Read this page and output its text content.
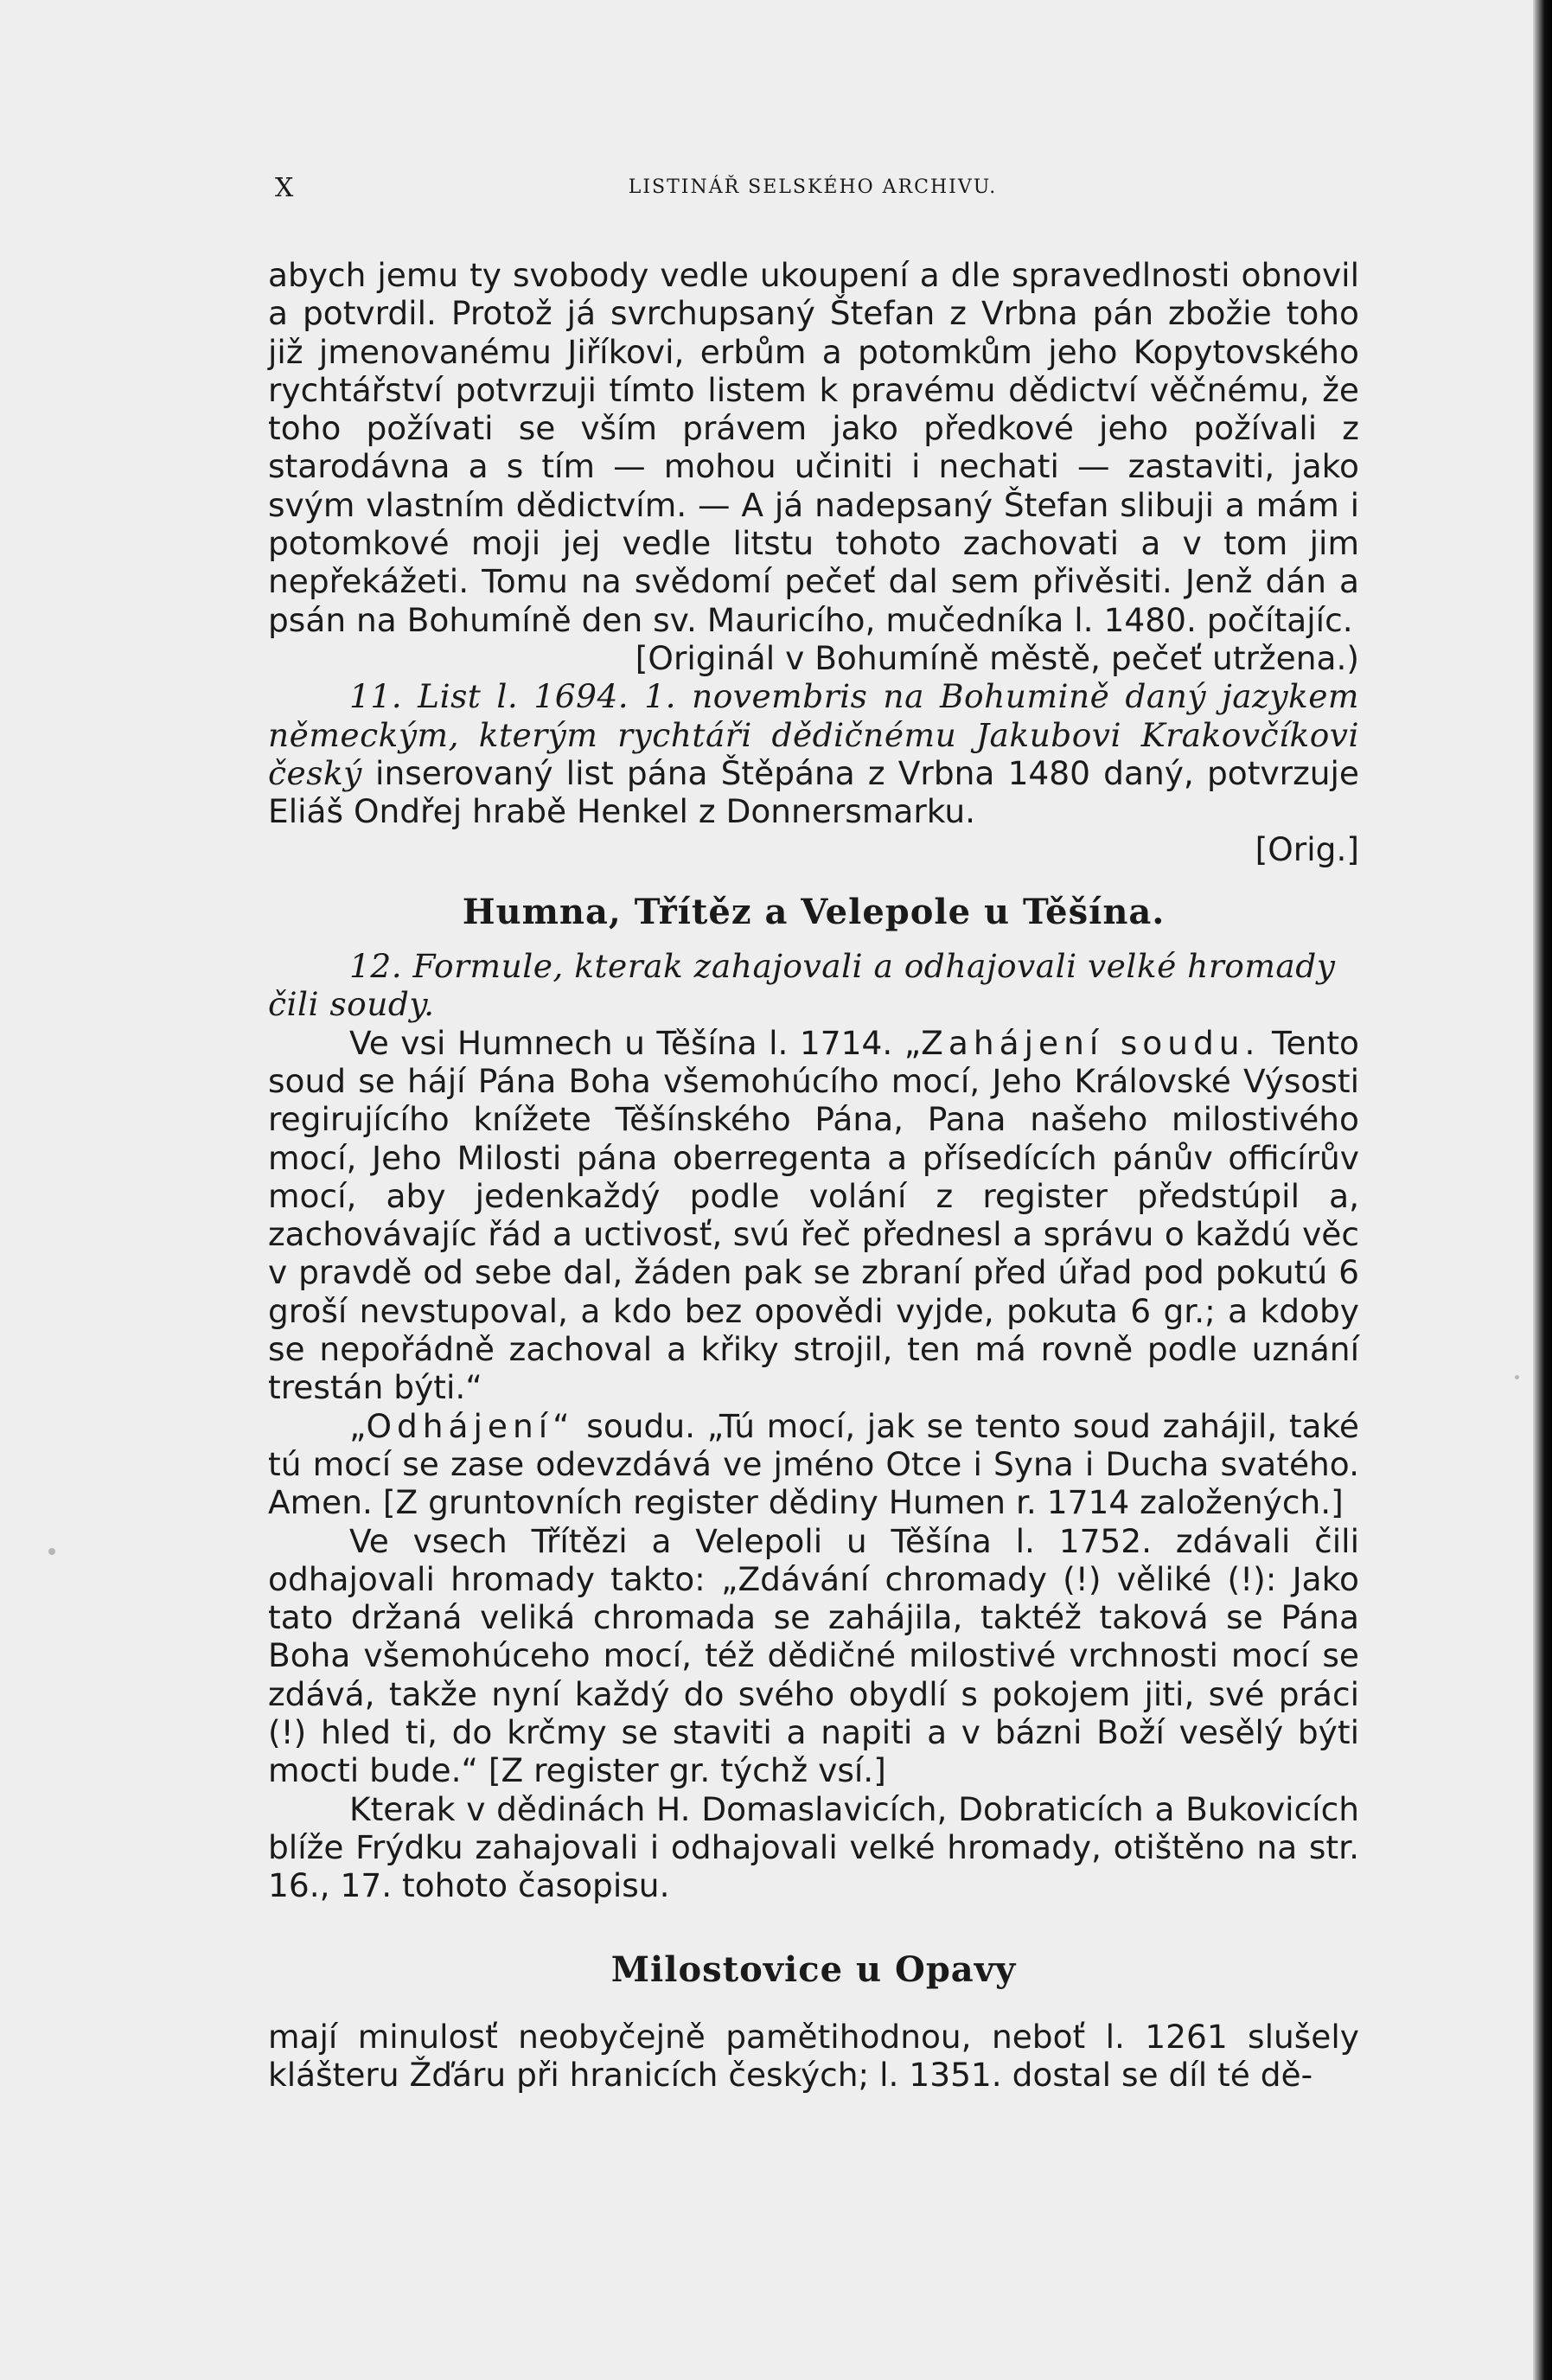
X	LISTINÁŘ SELSKÉHO ARCHIVU.

abych jemu ty svobody vedle ukoupení a dle spravedlnosti obnovil a potvrdil. Protož já svrchupsaný Štefan z Vrbna pán zbožie toho již jmenovanému Jiříkovi, erbům a potomkům jeho Kopytovského rychtářství potvrzuji tímto listem k pravému dědictví věčnému, že toho požívati se vším právem jako předkové jeho požívali z starodávna a s tím — mohou učiniti i nechati — zastaviti, jako svým vlastním dědictvím. — A já nadepsaný Štefan slibuji a mám i potomkové moji jej vedle litstu tohoto zachovati a v tom jim nepřekážeti. Tomu na svědomí pečeť dal sem přivěsiti. Jenž dán a psán na Bohumíně den sv. Mauricího, mučedníka l. 1480. počítajíc.

[Originál v Bohumíně městě, pečeť utržena.)

11. List l. 1694. 1. novembris na Bohumině daný jazykem německým, kterým rychtáři dědičnému Jakubovi Krakovčíkovi český inserovaný list pána Štěpána z Vrbna 1480 daný, potvrzuje Eliáš Ondřej hrabě Henkel z Donnersmarku.

[Orig.]

Humna, Třítěz a Velepole u Těšína.

12. Formule, kterak zahajovali a odhajovali velké hromady

čili soudy.

Ve vsi Humnech u Těšína l. 1714. „Zahájení soudu. Tento soud se hájí Pána Boha všemohúcího mocí, Jeho Královské Výsosti regirujícího knížete Těšínského Pána, Pana našeho milostivého mocí, Jeho Milosti pána oberregenta a přísedících pánův officírův mocí, aby jedenkaždý podle volání z register předstúpil a, zachovávajíc řád a uctivosť, svú řeč přednesl a správu o každú věc v pravdě od sebe dal, žáden pak se zbraní před úřad pod pokutú 6 groší nevstupoval, a kdo bez opovědi vyjde, pokuta 6 gr.; a kdoby se nepořádně zachoval a křiky strojil, ten má rovně podle uznání trestán býti.“

„Odhájení“ soudu. „Tú mocí, jak se tento soud zahájil, také tú mocí se zase odevzdává ve jméno Otce i Syna i Ducha svatého. Amen. [Z gruntovních register dědiny Humen r. 1714 založených.]

Ve vsech Třítězi a Velepoli u Těšína l. 1752. zdávali čili odhajovali hromady takto: „Zdávání chromady (!) věliké (!): Jako tato držaná veliká chromada se zahájila, taktéž taková se Pána Boha všemohúceho mocí, též dědičné milostivé vrchnosti mocí se zdává, takže nyní každý do svého obydlí s pokojem jiti, své práci (!) hled ti, do krčmy se staviti a napiti a v bázni Boží vesělý býti mocti bude.“ [Z register gr. týchž vsí.]

Kterak v dědinách H. Domaslavicích, Dobraticích a Bukovicích blíže Frýdku zahajovali i odhajovali velké hromady, otištěno na str. 16., 17. tohoto časopisu.

Milostovice u Opavy

mají minulosť neobyčejně pamětihodnou, neboť l. 1261 slušely klášteru Žďáru při hranicích českých; l. 1351. dostal se díl té dě-
